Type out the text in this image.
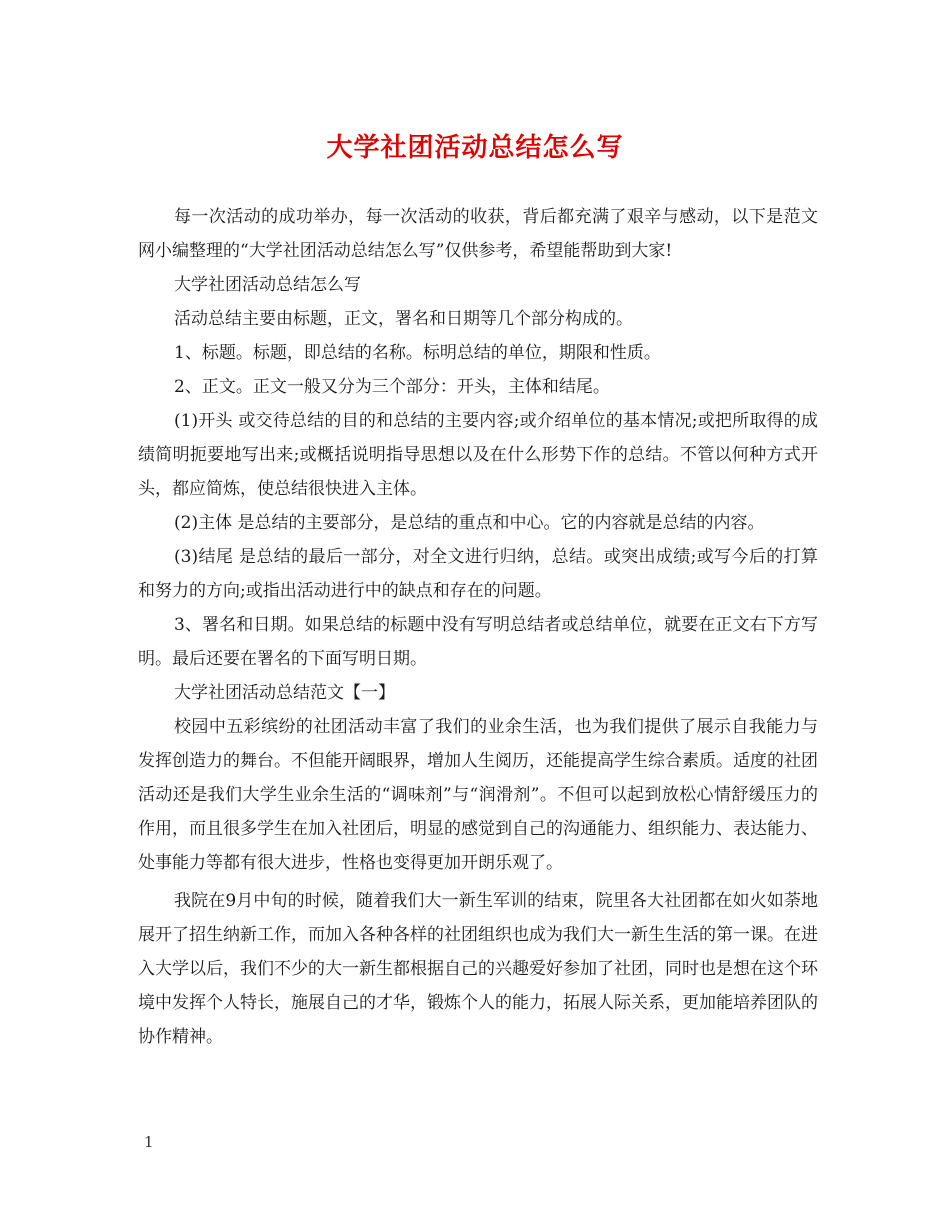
大学社团活动总结怎么写

每一次活动的成功举办，每一次活动的收获，背后都充满了艰辛与感动，以下是范文网小编整理的“大学社团活动总结怎么写”仅供参考，希望能帮助到大家!

大学社团活动总结怎么写

活动总结主要由标题，正文，署名和日期等几个部分构成的。

1、标题。标题，即总结的名称。标明总结的单位，期限和性质。

2、正文。正文一般又分为三个部分：开头，主体和结尾。

(1)开头 或交待总结的目的和总结的主要内容;或介绍单位的基本情况;或把所取得的成绩简明扼要地写出来;或概括说明指导思想以及在什么形势下作的总结。不管以何种方式开头，都应简炼，使总结很快进入主体。

(2)主体 是总结的主要部分，是总结的重点和中心。它的内容就是总结的内容。

(3)结尾 是总结的最后一部分，对全文进行归纳，总结。或突出成绩;或写今后的打算和努力的方向;或指出活动进行中的缺点和存在的问题。

3、署名和日期。如果总结的标题中没有写明总结者或总结单位，就要在正文右下方写明。最后还要在署名的下面写明日期。

大学社团活动总结范文【一】

校园中五彩缤纷的社团活动丰富了我们的业余生活，也为我们提供了展示自我能力与发挥创造力的舞台。不但能开阔眼界，增加人生阅历，还能提高学生综合素质。适度的社团活动还是我们大学生业余生活的“调味剂”与“润滑剂”。不但可以起到放松心情舒缓压力的作用，而且很多学生在加入社团后，明显的感觉到自己的沟通能力、组织能力、表达能力、处事能力等都有很大进步，性格也变得更加开朗乐观了。

我院在9月中旬的时候，随着我们大一新生军训的结束，院里各大社团都在如火如荼地展开了招生纳新工作，而加入各种各样的社团组织也成为我们大一新生生活的第一课。在进入大学以后，我们不少的大一新生都根据自己的兴趣爱好参加了社团，同时也是想在这个环境中发挥个人特长，施展自己的才华，锻炼个人的能力，拓展人际关系，更加能培养团队的协作精神。

1
